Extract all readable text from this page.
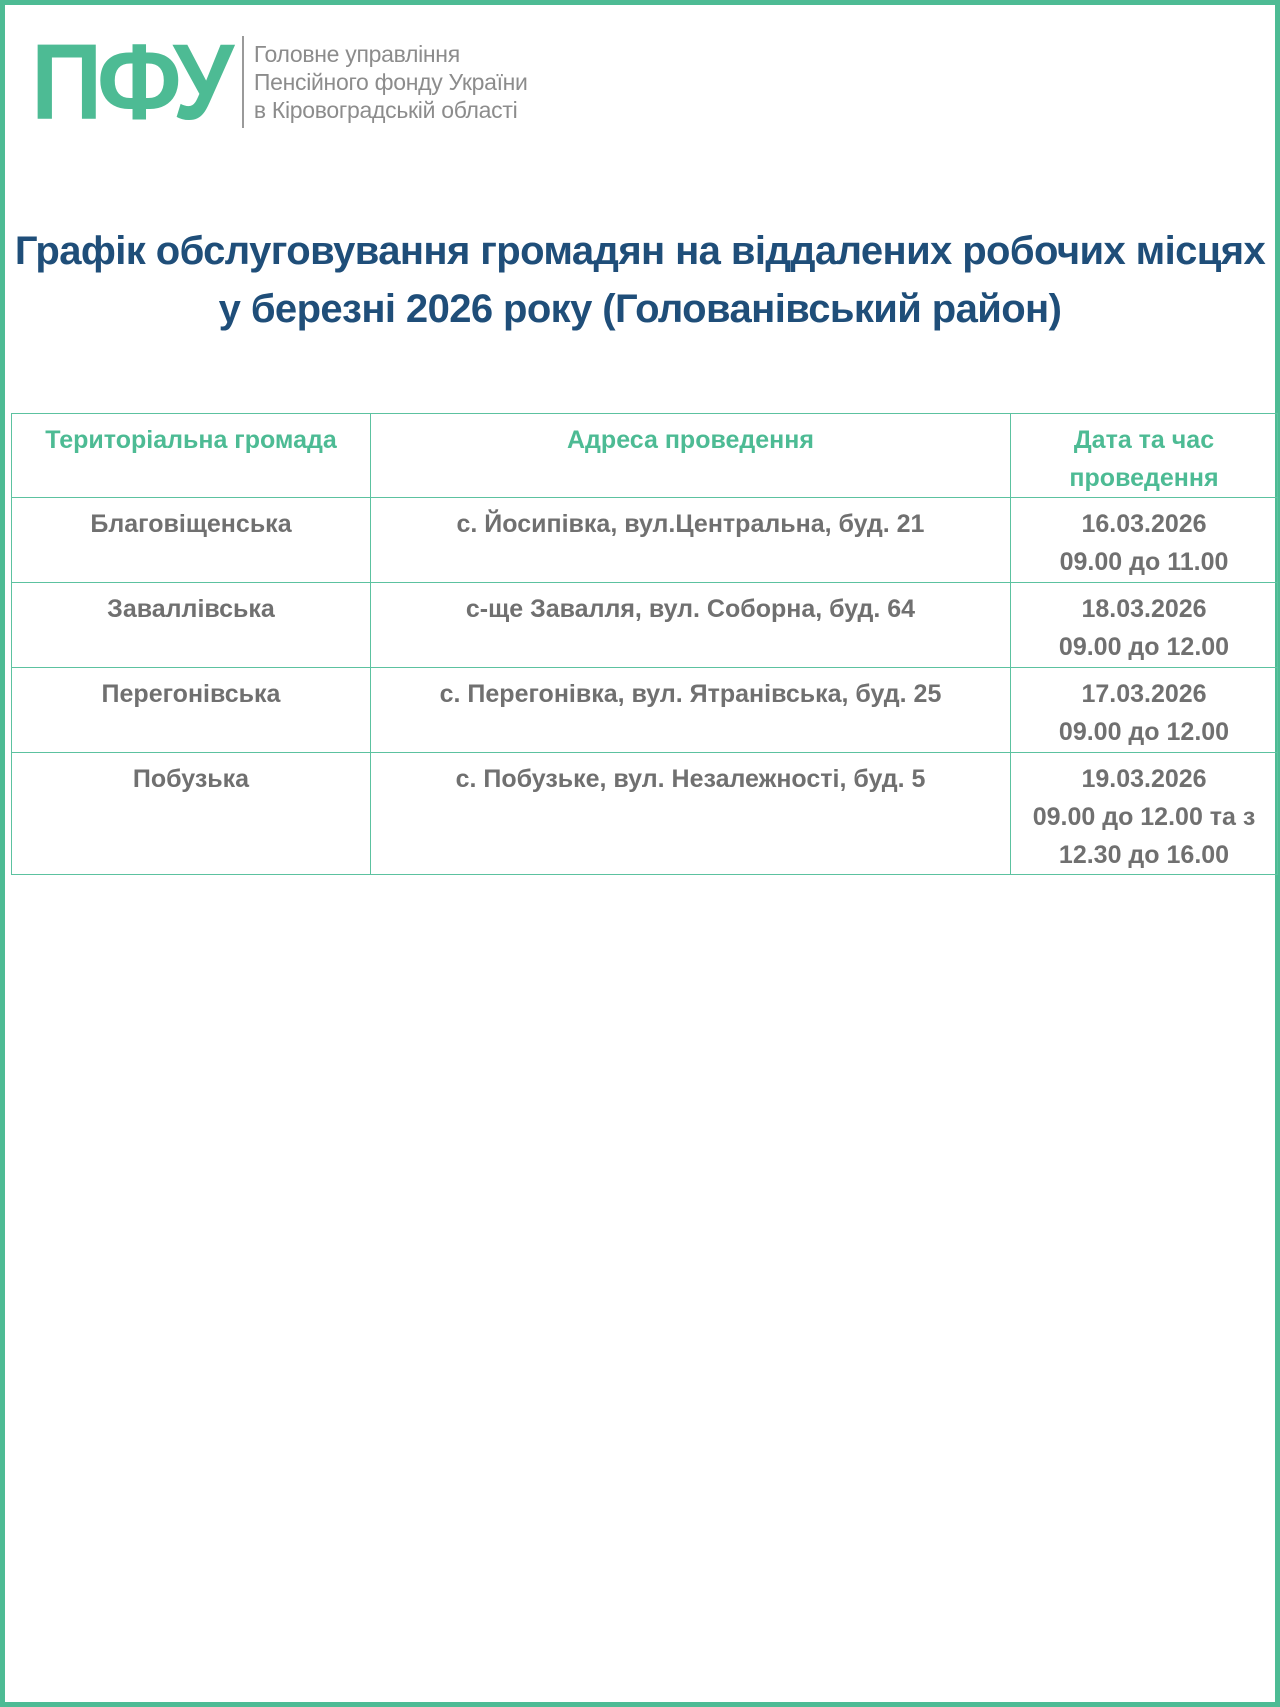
ПФУ Головне управління
Пенсійного фонду України
в Кіровоградській області
Графік обслуговування громадян на віддалених робочих місцях
у березні 2026 року (Голованівський район)
Територіальна громада	Адреса проведення	Дата та час
проведення

Благовіщенська	с. Йосипівка, вул.Центральна, буд. 21	16.03.2026
09.00 до 11.00

Заваллівська	с-ще Завалля, вул. Соборна, буд. 64	18.03.2026
09.00 до 12.00

Перегонівська	с. Перегонівка, вул. Ятранівська, буд. 25	17.03.2026
09.00 до 12.00

Побузька	с. Побузьке, вул. Незалежності, буд. 5	19.03.2026
09.00 до 12.00 та з
12.30 до 16.00
